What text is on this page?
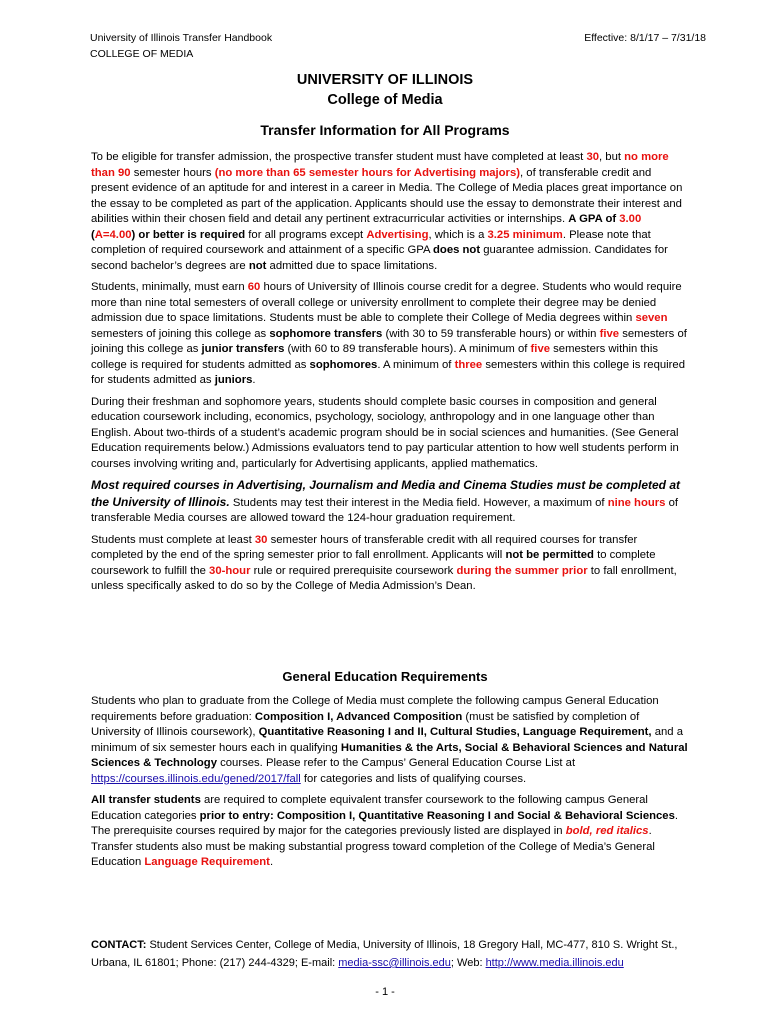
University of Illinois Transfer Handbook
COLLEGE OF MEDIA
Effective: 8/1/17 – 7/31/18
UNIVERSITY OF ILLINOIS
College of Media
Transfer Information for All Programs

To be eligible for transfer admission, the prospective transfer student must have completed at least 30, but no more than 90 semester hours (no more than 65 semester hours for Advertising majors), of transferable credit and present evidence of an aptitude for and interest in a career in Media. The College of Media places great importance on the essay to be completed as part of the application. Applicants should use the essay to demonstrate their interest and abilities within their chosen field and detail any pertinent extracurricular activities or internships. A GPA of 3.00 (A=4.00) or better is required for all programs except Advertising, which is a 3.25 minimum. Please note that completion of required coursework and attainment of a specific GPA does not guarantee admission. Candidates for second bachelor’s degrees are not admitted due to space limitations.

Students, minimally, must earn 60 hours of University of Illinois course credit for a degree. Students who would require more than nine total semesters of overall college or university enrollment to complete their degree may be denied admission due to space limitations. Students must be able to complete their College of Media degrees within seven semesters of joining this college as sophomore transfers (with 30 to 59 transferable hours) or within five semesters of joining this college as junior transfers (with 60 to 89 transferable hours). A minimum of five semesters within this college is required for students admitted as sophomores. A minimum of three semesters within this college is required for students admitted as juniors.

During their freshman and sophomore years, students should complete basic courses in composition and general education coursework including, economics, psychology, sociology, anthropology and in one language other than English. About two-thirds of a student’s academic program should be in social sciences and humanities. (See General Education requirements below.) Admissions evaluators tend to pay particular attention to how well students perform in courses involving writing and, particularly for Advertising applicants, applied mathematics.

Most required courses in Advertising, Journalism and Media and Cinema Studies must be completed at the University of Illinois. Students may test their interest in the Media field. However, a maximum of nine hours of transferable Media courses are allowed toward the 124-hour graduation requirement.

Students must complete at least 30 semester hours of transferable credit with all required courses for transfer completed by the end of the spring semester prior to fall enrollment. Applicants will not be permitted to complete coursework to fulfill the 30-hour rule or required prerequisite coursework during the summer prior to fall enrollment, unless specifically asked to do so by the College of Media Admission’s Dean.

General Education Requirements

Students who plan to graduate from the College of Media must complete the following campus General Education requirements before graduation: Composition I, Advanced Composition (must be satisfied by completion of University of Illinois coursework), Quantitative Reasoning I and II, Cultural Studies, Language Requirement, and a minimum of six semester hours each in qualifying Humanities & the Arts, Social & Behavioral Sciences and Natural Sciences & Technology courses. Please refer to the Campus’ General Education Course List at https://courses.illinois.edu/gened/2017/fall for categories and lists of qualifying courses.

All transfer students are required to complete equivalent transfer coursework to the following campus General Education categories prior to entry: Composition I, Quantitative Reasoning I and Social & Behavioral Sciences. The prerequisite courses required by major for the categories previously listed are displayed in bold, red italics. Transfer students also must be making substantial progress toward completion of the College of Media’s General Education Language Requirement.

CONTACT: Student Services Center, College of Media, University of Illinois, 18 Gregory Hall, MC-477, 810 S. Wright St.,
Urbana, IL 61801; Phone: (217) 244-4329; E-mail: media-ssc@illinois.edu; Web: http://www.media.illinois.edu
- 1 -
